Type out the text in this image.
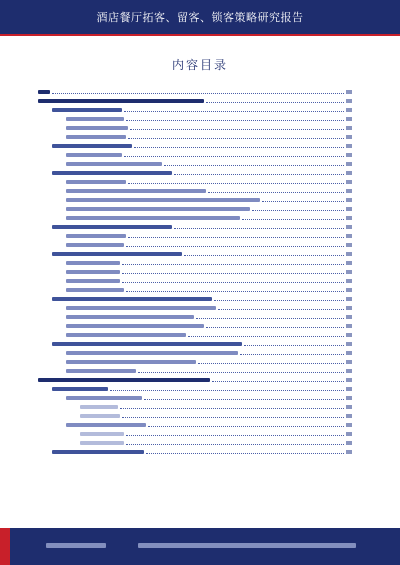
酒店餐厅拓客、留客、锁客策略研究报告
内容目录
